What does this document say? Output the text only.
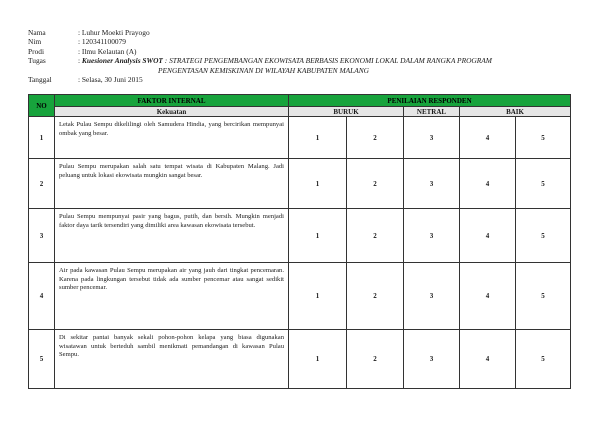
Nama	: Luhur Moekti Prayogo
Nim	: 120341100079
Prodi	: Ilmu Kelautan (A)
Tugas	: Kuesioner Analysis SWOT : STRATEGI PENGEMBANGAN EKOWISATA BERBASIS EKONOMI LOKAL DALAM RANGKA PROGRAM
PENGENTASAN KEMISKINAN DI WILAYAH KABUPATEN MALANG
Tanggal	: Selasa, 30 Juni 2015
NO	FAKTOR INTERNAL	PENILAIAN RESPONDEN				
	Kekuatan	BURUK		NETRAL	BAIK	
1	Letak Pulau Sempu dikelilingi oleh Samudera Hindia, yang bercirikan mempunyai ombak yang besar.	1	2	3	4	5
2	Pulau Sempu merupakan salah satu tempat wisata di Kabupaten Malang. Jadi peluang untuk lokasi ekowisata mungkin sangat besar.	1	2	3	4	5
3	Pulau Sempu mempunyai pasir yang bagus, putih, dan bersih. Mungkin menjadi faktor daya tarik tersendiri yang dimiliki area kawasan ekowisata tersebut.	1	2	3	4	5
4	Air pada kawasan Pulau Sempu merupakan air yang jauh dari tingkat pencemaran. Karena pada lingkungan tersebut tidak ada sumber pencemar atau sangat sedikit sumber pencemar.	1	2	3	4	5
5	Di sekitar pantai banyak sekali pohon-pohon kelapa yang biasa digunakan wisatawan untuk berteduh sambil menikmati pemandangan di kawasan Pulau Sempu.	1	2	3	4	5
